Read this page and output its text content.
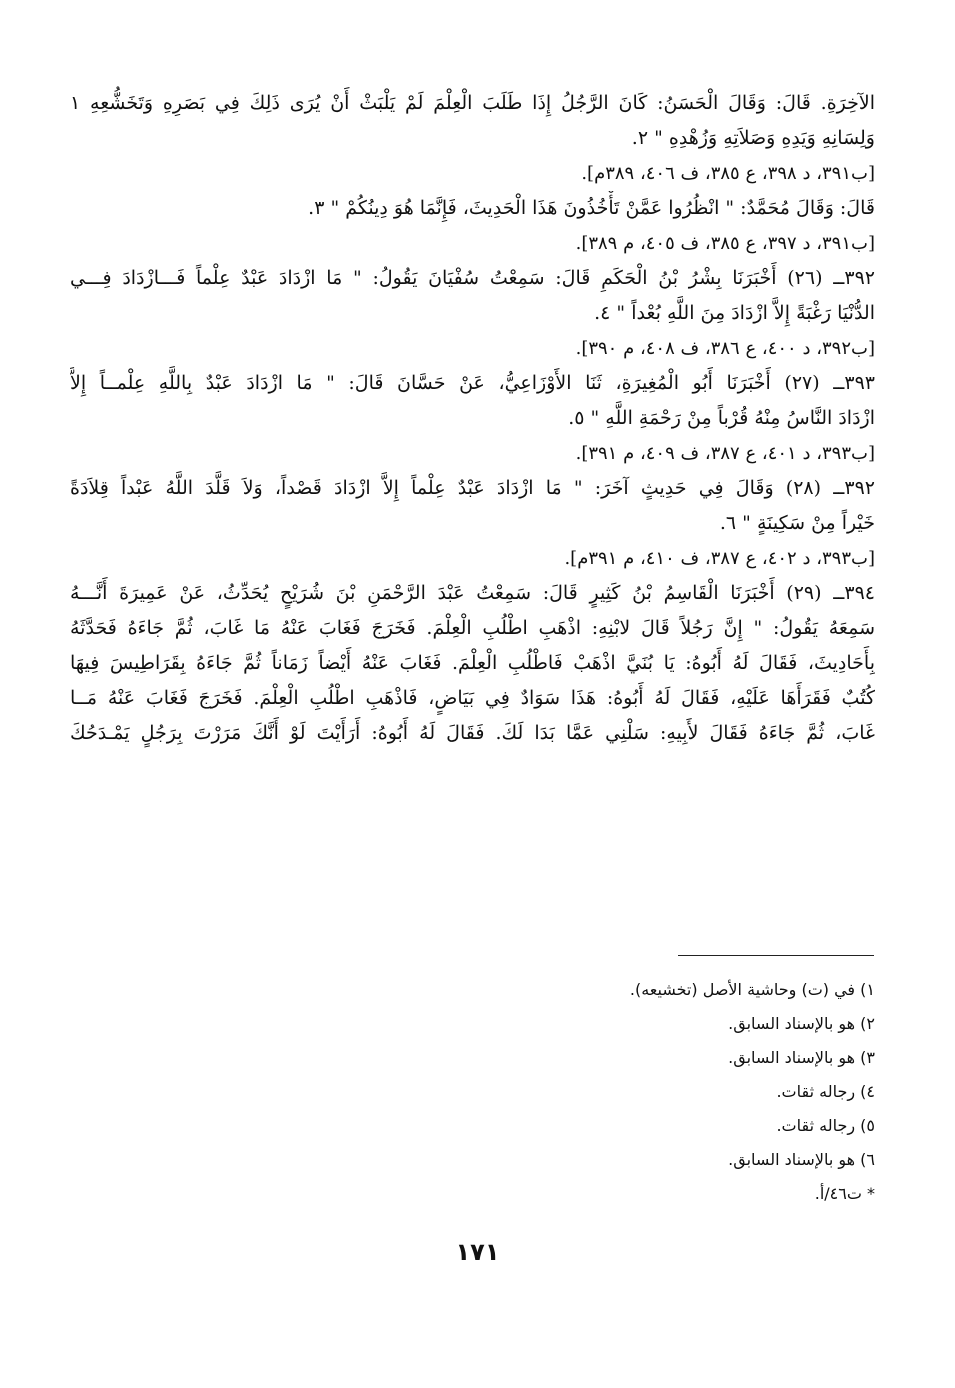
الآخِرَةِ. قَالَ: وَقَالَ الْحَسَنُ: كَانَ الرَّجُلُ إِذَا طَلَبَ الْعِلْمَ لَمْ يَلْبَثْ أَنْ يُرَى ذَلِكَ فِي بَصَرِهِ وَتَخَشُّعِهِ ١
وَلِسَانِهِ وَيَدِهِ وَصَلاَتِهِ وَزُهْدِهِ " ٢.
[ب٣٩١، د ٣٩٨، ع ٣٨٥، ف ٤٠٦، ٣٨٩م].
قَالَ: وَقَالَ مُحَمَّدٌ: " انْظُرُوا عَمَّنْ تَأْخُذُونَ هَذَا الْحَدِيثَ، فَإِنَّمَا هُوَ دِينُكُمْ " ٣.
[ب٣٩١، د ٣٩٧، ع ٣٨٥، ف ٤٠٥، م ٣٨٩].
٣٩٢ــ (٢٦) أَخْبَرَنَا بِشْرُ بْنُ الْحَكَمِ قَالَ: سَمِعْتُ سُفْيَانَ يَقُولُ: " مَا ازْدَادَ عَبْدٌ عِلْماً فَـــازْدَادَ فِـــي
الدُّنْيَا رَغْبَةً إِلاَّ ازْدَادَ مِنَ اللَّهِ بُعْداً " ٤.
[ب٣٩٢، د ٤٠٠، ع ٣٨٦، ف ٤٠٨، م ٣٩٠].
٣٩٣ــ (٢٧) أَخْبَرَنَا أَبُو الْمُغِيرَةِ، ثَنَا الأَوْزَاعِيُّ، عَنْ حَسَّانَ قَالَ: " مَا ازْدَادَ عَبْدٌ بِاللَّهِ عِلْمــاً إِلاَّ
ازْدَادَ النَّاسُ مِنْهُ قُرْباً مِنْ رَحْمَةِ اللَّهِ " ٥.
[ب٣٩٣، د ٤٠١، ع ٣٨٧، ف ٤٠٩، م ٣٩١].
٣٩٢ــ (٢٨) وَقَالَ فِي حَدِيثٍ آخَرَ: " مَا ازْدَادَ عَبْدٌ عِلْماً إِلاَّ ازْدَادَ قَصْداً، وَلاَ قَلَّدَ اللَّهُ عَبْداً قِلاَدَةً
خَيْراً مِنْ سَكِينَةٍ " ٦.
[ب٣٩٣، د ٤٠٢، ع ٣٨٧، ف ٤١٠، م ٣٩١م].
٣٩٤ــ (٢٩) أَخْبَرَنَا الْقَاسِمُ بْنُ كَثِيرٍ قَالَ: سَمِعْتُ عَبْدَ الرَّحْمَنِ بْنَ شُرَيْحٍ يُحَدِّثُ، عَنْ عَمِيرَةَ أَنَّـــهُ
سَمِعَهُ يَقُولُ: " إِنَّ رَجُلاً قَالَ لابْنِهِ: اذْهَبِ اطْلُبِ الْعِلْمَ. فَخَرَجَ فَغَابَ عَنْهُ مَا غَابَ، ثُمَّ جَاءَهُ فَحَدَّثَهُ
بِأَحَادِيثَ، فَقَالَ لَهُ أَبُوهُ: يَا بُنَيَّ اذْهَبْ فَاطْلُبِ الْعِلْمَ. فَغَابَ عَنْهُ أَيْضاً زَمَاناً ثُمَّ جَاءَهُ بِقَرَاطِيسَ فِيهَا
كُتُبٌ فَقَرَأَهَا عَلَيْهِ، فَقَالَ لَهُ أَبُوهُ: هَذَا سَوَادٌ فِي بَيَاضٍ، فَاذْهَبِ اطْلُبِ الْعِلْمَ. فَخَرَجَ فَغَابَ عَنْهُ مَــا
غَابَ، ثُمَّ جَاءَهُ فَقَالَ لأَبِيهِ: سَلْنِي عَمَّا بَدَا لَكَ. فَقَالَ لَهُ أَبُوهُ: أَرَأَيْتَ لَوْ أَنَّكَ مَرَرْتَ بِرَجُلٍ يَمْـدَحُكَ
١) في (ت) وحاشية الأصل (تخشيعه).
٢) هو بالإسناد السابق.
٣) هو بالإسناد السابق.
٤) رجاله ثقات.
٥) رجاله ثقات.
٦) هو بالإسناد السابق.
* ت٤٦/أ.
١٧١
